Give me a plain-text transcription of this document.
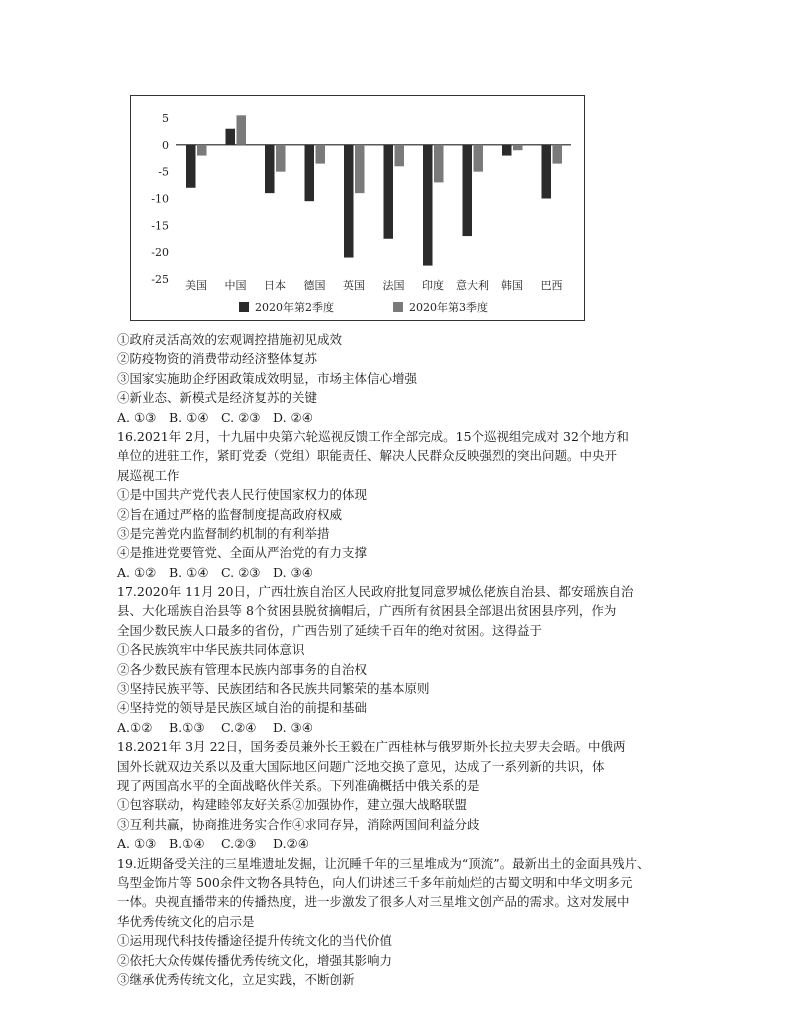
5
0
-5
-10
-15
-20
-25 美国 中国 日本 德国 英国 法国 印度 意大利 韩国 巴西
2020年第2季度	2020年第3季度
①政府灵活高效的宏观调控措施初见成效
②防疫物资的消费带动经济整体复苏
③国家实施助企纾困政策成效明显，市场主体信心增强
④新业态、新模式是经济复苏的关键
A. ①③ B. ①④ C. ②③ D. ②④
16.2021年 2月，十九届中央第六轮巡视反馈工作全部完成。15个巡视组完成对 32个地方和
单位的进驻工作，紧盯党委（党组）职能责任、解决人民群众反映强烈的突出问题。中央开
展巡视工作
①是中国共产党代表人民行使国家权力的体现
②旨在通过严格的监督制度提高政府权威
③是完善党内监督制约机制的有利举措
④是推进党要管党、全面从严治党的有力支撑
A. ①② B. ①④ C. ②③ D. ③④
17.2020年 11月 20日，广西壮族自治区人民政府批复同意罗城仫佬族自治县、都安瑶族自治
县、大化瑶族自治县等 8个贫困县脱贫摘帽后，广西所有贫困县全部退出贫困县序列，作为
全国少数民族人口最多的省份，广西告别了延续千百年的绝对贫困。这得益于
①各民族筑牢中华民族共同体意识
②各少数民族有管理本民族内部事务的自治权
③坚持民族平等、民族团结和各民族共同繁荣的基本原则
④坚持党的领导是民族区域自治的前提和基础
A.①② B.①③ C.②④ D. ③④
18.2021年 3月 22日，国务委员兼外长王毅在广西桂林与俄罗斯外长拉夫罗夫会晤。中俄两
国外长就双边关系以及重大国际地区问题广泛地交换了意见，达成了一系列新的共识，体
现了两国高水平的全面战略伙伴关系。下列准确概括中俄关系的是
①包容联动，构建睦邻友好关系②加强协作，建立强大战略联盟
③互利共赢，协商推进务实合作④求同存异，消除两国间利益分歧
A. ①③ B.①④ C.②③ D.②④
19.近期备受关注的三星堆遗址发掘，让沉睡千年的三星堆成为“顶流”。最新出土的金面具残片、
鸟型金饰片等 500余件文物各具特色，向人们讲述三千多年前灿烂的古蜀文明和中华文明多元
一体。央视直播带来的传播热度，进一步激发了很多人对三星堆文创产品的需求。这对发展中
华优秀传统文化的启示是
①运用现代科技传播途径提升传统文化的当代价值
②依托大众传媒传播优秀传统文化，增强其影响力
③继承优秀传统文化，立足实践，不断创新
